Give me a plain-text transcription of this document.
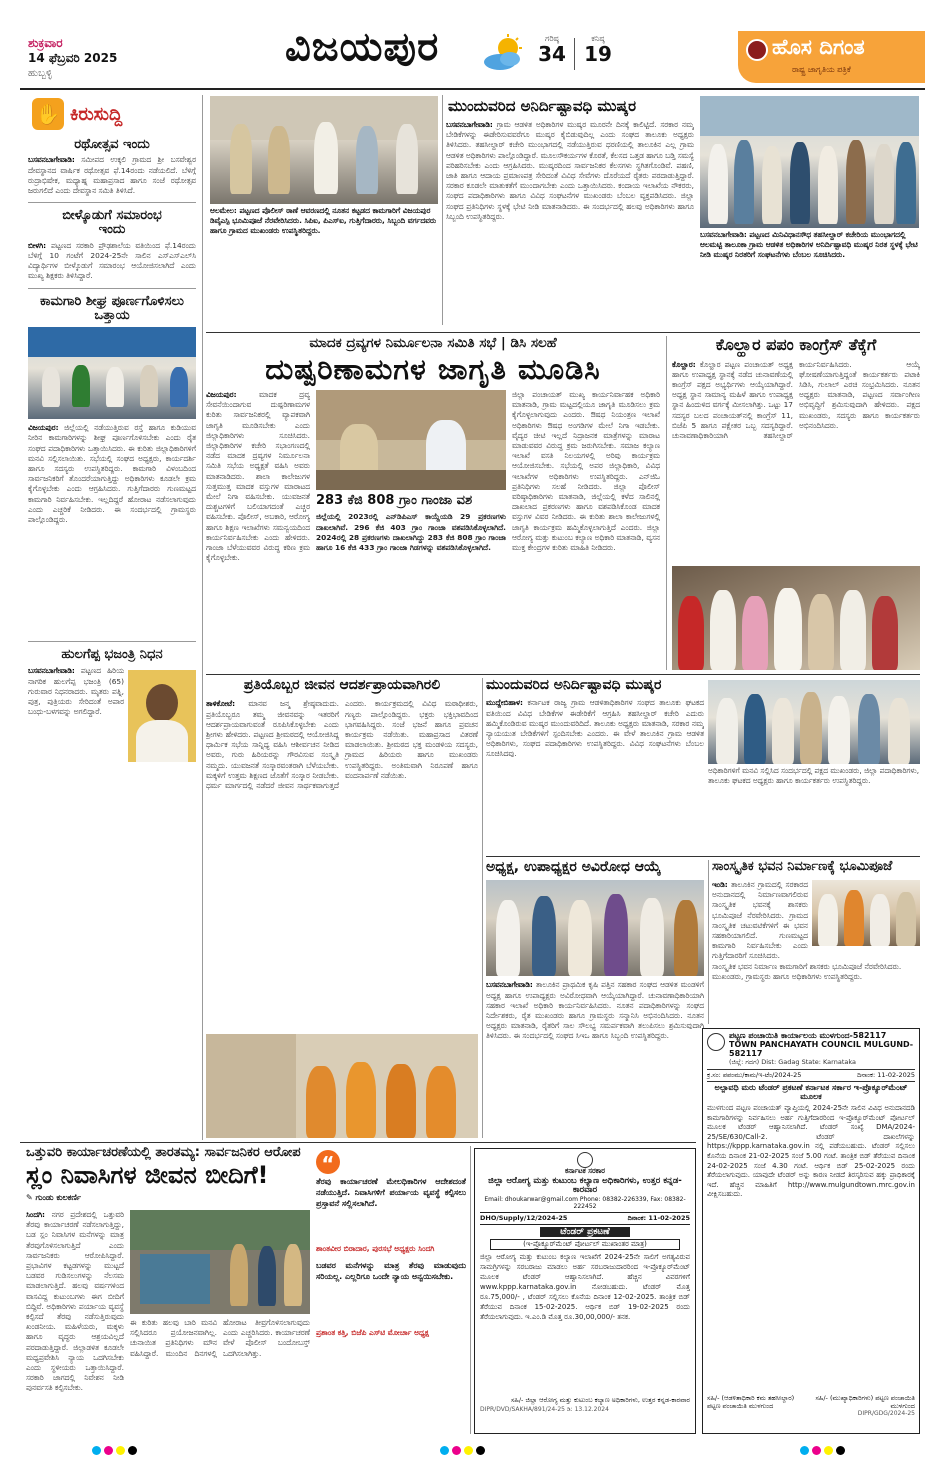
ಶುಕ್ರವಾರ
14 ಫೆಬ್ರವರಿ 2025
ಹುಬ್ಬಳ್ಳಿ
ವಿಜಯಪುರ	ಗರಿಷ್ಠ
34
ಕನಿಷ್ಠ
19	ಹೊಸ ದಿಗಂತ
ರಾಷ್ಟ್ರ ಜಾಗೃತಿಯ ಪತ್ರಿಕೆ
✋ ಕಿರುಸುದ್ದಿ
ರಥೋತ್ಸವ ಇಂದು
ಬಸವನಬಾಗೇವಾಡಿ: ಸಮೀಪದ ಉಕ್ಕಲಿ ಗ್ರಾಮದ ಶ್ರೀ ಬಸವೇಶ್ವರ ದೇವಸ್ಥಾನದ ವಾರ್ಷಿಕ ರಥೋತ್ಸವ ಫೆ.14ರಂದು ನಡೆಯಲಿದೆ. ಬೆಳಿಗ್ಗೆ ರುದ್ರಾಭಿಷೇಕ, ಮಧ್ಯಾಹ್ನ ಮಹಾಪ್ರಸಾದ ಹಾಗೂ ಸಂಜೆ ರಥೋತ್ಸವ ಜರುಗಲಿದೆ ಎಂದು ದೇವಸ್ಥಾನ ಸಮಿತಿ ತಿಳಿಸಿದೆ.
ಬೀಳ್ಕೊಡುಗೆ ಸಮಾರಂಭ ಇಂದು
ಬೀಳಗಿ: ಪಟ್ಟಣದ ಸರಕಾರಿ ಪ್ರೌಢಶಾಲೆಯ ವತಿಯಿಂದ ಫೆ.14ರಂದು ಬೆಳಿಗ್ಗೆ 10 ಗಂಟೆಗೆ 2024-25ನೇ ಸಾಲಿನ ಎಸ್‌ಎಸ್‌ಎಲ್‌ಸಿ ವಿದ್ಯಾರ್ಥಿಗಳ ಬೀಳ್ಕೊಡುಗೆ ಸಮಾರಂಭ ಆಯೋಜಿಸಲಾಗಿದೆ ಎಂದು ಮುಖ್ಯ ಶಿಕ್ಷಕರು ತಿಳಿಸಿದ್ದಾರೆ.
ಕಾಮಗಾರಿ ಶೀಘ್ರ ಪೂರ್ಣಗೊಳಿಸಲು ಒತ್ತಾಯ
ವಿಜಯಪುರ: ಜಿಲ್ಲೆಯಲ್ಲಿ ನಡೆಯುತ್ತಿರುವ ರಸ್ತೆ ಹಾಗೂ ಕುಡಿಯುವ ನೀರಿನ ಕಾಮಗಾರಿಗಳನ್ನು ಶೀಘ್ರ ಪೂರ್ಣಗೊಳಿಸಬೇಕು ಎಂದು ರೈತ ಸಂಘದ ಪದಾಧಿಕಾರಿಗಳು ಒತ್ತಾಯಿಸಿದರು. ಈ ಕುರಿತು ಜಿಲ್ಲಾಧಿಕಾರಿಗಳಿಗೆ ಮನವಿ ಸಲ್ಲಿಸಲಾಯಿತು. ಸಭೆಯಲ್ಲಿ ಸಂಘದ ಅಧ್ಯಕ್ಷರು, ಕಾರ್ಯದರ್ಶಿ ಹಾಗೂ ಸದಸ್ಯರು ಉಪಸ್ಥಿತರಿದ್ದರು. ಕಾಮಗಾರಿ ವಿಳಂಬದಿಂದ ಸಾರ್ವಜನಿಕರಿಗೆ ತೊಂದರೆಯಾಗುತ್ತಿದ್ದು ಅಧಿಕಾರಿಗಳು ಕೂಡಲೇ ಕ್ರಮ ಕೈಗೊಳ್ಳಬೇಕು ಎಂದು ಆಗ್ರಹಿಸಿದರು. ಗುತ್ತಿಗೆದಾರರು ಗುಣಮಟ್ಟದ ಕಾಮಗಾರಿ ನಿರ್ವಹಿಸಬೇಕು. ಇಲ್ಲದಿದ್ದರೆ ಹೋರಾಟ ನಡೆಸಲಾಗುವುದು ಎಂದು ಎಚ್ಚರಿಕೆ ನೀಡಿದರು. ಈ ಸಂದರ್ಭದಲ್ಲಿ ಗ್ರಾಮಸ್ಥರು ಪಾಲ್ಗೊಂಡಿದ್ದರು.
ಹುಲಗೆಪ್ಪ ಭಜಂತ್ರಿ ನಿಧನ
ಬಸವನಬಾಗೇವಾಡಿ: ಪಟ್ಟಣದ ಹಿರಿಯ ನಾಗರಿಕ ಹುಲಗೆಪ್ಪ ಭಜಂತ್ರಿ (65) ಗುರುವಾರ ನಿಧನರಾದರು. ಮೃತರು ಪತ್ನಿ, ಪುತ್ರ, ಪುತ್ರಿಯರು ಸೇರಿದಂತೆ ಅಪಾರ ಬಂಧು-ಬಳಗವನ್ನು ಅಗಲಿದ್ದಾರೆ.
ಆಲಮೇಲ: ಪಟ್ಟಣದ ಪೊಲೀಸ್ ಠಾಣೆ ಆವರಣದಲ್ಲಿ ನೂತನ ಕಟ್ಟಡದ ಕಾಮಗಾರಿಗೆ ವಿಜಯಪುರ ಡಿವೈಎಸ್ಪಿ ಭೂಮಿಪೂಜೆ ನೆರವೇರಿಸಿದರು. ಸಿಪಿಐ, ಪಿಎಸ್ಐ, ಗುತ್ತಿಗೆದಾರರು, ಸಿಬ್ಬಂದಿ ವರ್ಗದವರು ಹಾಗೂ ಗ್ರಾಮದ ಮುಖಂಡರು ಉಪಸ್ಥಿತರಿದ್ದರು.
ಮುಂದುವರಿದ ಅನಿರ್ದಿಷ್ಟಾವಧಿ ಮುಷ್ಕರ
ಬಸವನಬಾಗೇವಾಡಿ: ಗ್ರಾಮ ಆಡಳಿತ ಅಧಿಕಾರಿಗಳ ಮುಷ್ಕರ ಮೂರನೇ ದಿನಕ್ಕೆ ಕಾಲಿಟ್ಟಿದೆ. ಸರಕಾರ ನಮ್ಮ ಬೇಡಿಕೆಗಳನ್ನು ಈಡೇರಿಸುವವರೆಗೂ ಮುಷ್ಕರ ಕೈಬಿಡುವುದಿಲ್ಲ ಎಂದು ಸಂಘದ ತಾಲೂಕು ಅಧ್ಯಕ್ಷರು ತಿಳಿಸಿದರು. ತಹಸೀಲ್ದಾರ್ ಕಚೇರಿ ಮುಂಭಾಗದಲ್ಲಿ ನಡೆಯುತ್ತಿರುವ ಧರಣಿಯಲ್ಲಿ ತಾಲೂಕಿನ ಎಲ್ಲ ಗ್ರಾಮ ಆಡಳಿತ ಅಧಿಕಾರಿಗಳು ಪಾಲ್ಗೊಂಡಿದ್ದಾರೆ. ಮೂಲಸೌಕರ್ಯಗಳ ಕೊರತೆ, ಕೆಲಸದ ಒತ್ತಡ ಹಾಗೂ ಬಡ್ತಿ ಸಮಸ್ಯೆ ಪರಿಹರಿಸಬೇಕು ಎಂದು ಆಗ್ರಹಿಸಿದರು. ಮುಷ್ಕರದಿಂದ ಸಾರ್ವಜನಿಕರ ಕೆಲಸಗಳು ಸ್ಥಗಿತಗೊಂಡಿವೆ. ಪಹಣಿ, ಜಾತಿ ಹಾಗೂ ಆದಾಯ ಪ್ರಮಾಣಪತ್ರ ಸೇರಿದಂತೆ ವಿವಿಧ ಸೇವೆಗಳು ದೊರೆಯದೆ ರೈತರು ಪರದಾಡುತ್ತಿದ್ದಾರೆ. ಸರಕಾರ ಕೂಡಲೇ ಮಾತುಕತೆಗೆ ಮುಂದಾಗಬೇಕು ಎಂದು ಒತ್ತಾಯಿಸಿದರು. ಕಂದಾಯ ಇಲಾಖೆಯ ನೌಕರರು, ಸಂಘದ ಪದಾಧಿಕಾರಿಗಳು ಹಾಗೂ ವಿವಿಧ ಸಂಘಟನೆಗಳ ಮುಖಂಡರು ಬೆಂಬಲ ವ್ಯಕ್ತಪಡಿಸಿದರು. ಜಿಲ್ಲಾ ಸಂಘದ ಪ್ರತಿನಿಧಿಗಳು ಸ್ಥಳಕ್ಕೆ ಭೇಟಿ ನೀಡಿ ಮಾತನಾಡಿದರು. ಈ ಸಂದರ್ಭದಲ್ಲಿ ಹಲವು ಅಧಿಕಾರಿಗಳು ಹಾಗೂ ಸಿಬ್ಬಂದಿ ಉಪಸ್ಥಿತರಿದ್ದರು.
ಬಸವನಬಾಗೇವಾಡಿ: ಪಟ್ಟಣದ ಮಿನಿವಿಧಾನಸೌಧ ತಹಸೀಲ್ದಾರ್ ಕಚೇರಿಯ ಮುಂಭಾಗದಲ್ಲಿ ಆಲಮಟ್ಟಿ ತಾಲೂಕಾ ಗ್ರಾಮ ಆಡಳಿತ ಅಧಿಕಾರಿಗಳ ಅನಿರ್ದಿಷ್ಟಾವಧಿ ಮುಷ್ಕರ ನಿರತ ಸ್ಥಳಕ್ಕೆ ಭೇಟಿ ನೀಡಿ ಮುಷ್ಕರ ನಿರತರಿಗೆ ಸಂಘಟನೆಗಳು ಬೆಂಬಲ ಸೂಚಿಸಿದರು.
ಮಾದಕ ದ್ರವ್ಯಗಳ ನಿರ್ಮೂಲನಾ ಸಮಿತಿ ಸಭೆ | ಡಿಸಿ ಸಲಹೆ
ದುಷ್ಪರಿಣಾಮಗಳ ಜಾಗೃತಿ ಮೂಡಿಸಿ
ವಿಜಯಪುರ:	ಮಾದಕ ದ್ರವ್ಯ ಸೇವನೆಯಿಂದಾಗುವ ದುಷ್ಪರಿಣಾಮಗಳ ಕುರಿತು ಸಾರ್ವಜನಿಕರಲ್ಲಿ ವ್ಯಾಪಕವಾಗಿ ಜಾಗೃತಿ ಮೂಡಿಸಬೇಕು ಎಂದು ಜಿಲ್ಲಾಧಿಕಾರಿಗಳು ಸೂಚಿಸಿದರು. ಜಿಲ್ಲಾಧಿಕಾರಿಗಳ ಕಚೇರಿ ಸಭಾಂಗಣದಲ್ಲಿ ನಡೆದ ಮಾದಕ ದ್ರವ್ಯಗಳ ನಿರ್ಮೂಲನಾ ಸಮಿತಿ ಸಭೆಯ ಅಧ್ಯಕ್ಷತೆ ವಹಿಸಿ ಅವರು ಮಾತನಾಡಿದರು. ಶಾಲಾ ಕಾಲೇಜುಗಳ ಸುತ್ತಮುತ್ತ ಮಾದಕ ವಸ್ತುಗಳ ಮಾರಾಟದ ಮೇಲೆ ನಿಗಾ ವಹಿಸಬೇಕು. ಯುವಜನತೆ ದುಶ್ಚಟಗಳಿಗೆ ಬಲಿಯಾಗದಂತೆ ಎಚ್ಚರ ವಹಿಸಬೇಕು. ಪೊಲೀಸ್, ಅಬಕಾರಿ, ಆರೋಗ್ಯ ಹಾಗೂ ಶಿಕ್ಷಣ ಇಲಾಖೆಗಳು ಸಮನ್ವಯದಿಂದ ಕಾರ್ಯನಿರ್ವಹಿಸಬೇಕು ಎಂದು ಹೇಳಿದರು. ಗಾಂಜಾ ಬೆಳೆಯುವವರ ವಿರುದ್ಧ ಕಠಿಣ ಕ್ರಮ ಕೈಗೊಳ್ಳಬೇಕು.
283 ಕೆಜಿ 808 ಗ್ರಾಂ ಗಾಂಜಾ ವಶ
ಜಿಲ್ಲೆಯಲ್ಲಿ 2023ರಲ್ಲಿ ಎನ್‌ಡಿಪಿಎಸ್ ಕಾಯ್ದೆಯಡಿ 29 ಪ್ರಕರಣಗಳು ದಾಖಲಾಗಿವೆ. 296 ಕೆಜಿ 403 ಗ್ರಾಂ ಗಾಂಜಾ ವಶಪಡಿಸಿಕೊಳ್ಳಲಾಗಿದೆ. 2024ರಲ್ಲಿ 28 ಪ್ರಕರಣಗಳು ದಾಖಲಾಗಿದ್ದು 283 ಕೆಜಿ 808 ಗ್ರಾಂ ಗಾಂಜಾ ಹಾಗೂ 16 ಕೆಜಿ 433 ಗ್ರಾಂ ಗಾಂಜಾ ಗಿಡಗಳನ್ನು ವಶಪಡಿಸಿಕೊಳ್ಳಲಾಗಿದೆ.
ಜಿಲ್ಲಾ ಪಂಚಾಯತ್ ಮುಖ್ಯ ಕಾರ್ಯನಿರ್ವಾಹಕ ಅಧಿಕಾರಿ ಮಾತನಾಡಿ, ಗ್ರಾಮ ಮಟ್ಟದಲ್ಲಿಯೂ ಜಾಗೃತಿ ಮೂಡಿಸಲು ಕ್ರಮ ಕೈಗೊಳ್ಳಲಾಗುವುದು ಎಂದರು. ಔಷಧ ನಿಯಂತ್ರಣ ಇಲಾಖೆ ಅಧಿಕಾರಿಗಳು ಔಷಧ ಅಂಗಡಿಗಳ ಮೇಲೆ ನಿಗಾ ಇಡಬೇಕು. ವೈದ್ಯರ ಚೀಟಿ ಇಲ್ಲದೆ ನಿದ್ರಾಜನಕ ಮಾತ್ರೆಗಳನ್ನು ಮಾರಾಟ ಮಾಡುವವರ ವಿರುದ್ಧ ಕ್ರಮ ಜರುಗಿಸಬೇಕು. ಸಮಾಜ ಕಲ್ಯಾಣ ಇಲಾಖೆ ವಸತಿ ನಿಲಯಗಳಲ್ಲಿ ಅರಿವು ಕಾರ್ಯಕ್ರಮ ಆಯೋಜಿಸಬೇಕು. ಸಭೆಯಲ್ಲಿ ಅಪರ ಜಿಲ್ಲಾಧಿಕಾರಿ, ವಿವಿಧ ಇಲಾಖೆಗಳ ಅಧಿಕಾರಿಗಳು ಉಪಸ್ಥಿತರಿದ್ದರು. ಎನ್‌ಜಿಓ ಪ್ರತಿನಿಧಿಗಳು ಸಲಹೆ ನೀಡಿದರು. ಜಿಲ್ಲಾ ಪೊಲೀಸ್ ವರಿಷ್ಠಾಧಿಕಾರಿಗಳು ಮಾತನಾಡಿ, ಜಿಲ್ಲೆಯಲ್ಲಿ ಕಳೆದ ಸಾಲಿನಲ್ಲಿ ದಾಖಲಾದ ಪ್ರಕರಣಗಳು ಹಾಗೂ ವಶಪಡಿಸಿಕೊಂಡ ಮಾದಕ ವಸ್ತುಗಳ ವಿವರ ನೀಡಿದರು. ಈ ಕುರಿತು ಶಾಲಾ ಕಾಲೇಜುಗಳಲ್ಲಿ ಜಾಗೃತಿ ಕಾರ್ಯಕ್ರಮ ಹಮ್ಮಿಕೊಳ್ಳಲಾಗುತ್ತಿದೆ ಎಂದರು. ಜಿಲ್ಲಾ ಆರೋಗ್ಯ ಮತ್ತು ಕುಟುಂಬ ಕಲ್ಯಾಣ ಅಧಿಕಾರಿ ಮಾತನಾಡಿ, ವ್ಯಸನ ಮುಕ್ತ ಕೇಂದ್ರಗಳ ಕುರಿತು ಮಾಹಿತಿ ನೀಡಿದರು.
ಕೊಲ್ಹಾರ ಪಪಂ ಕಾಂಗ್ರೆಸ್ ತೆಕ್ಕೆಗೆ
ಕೊಲ್ಹಾರ: ಕೊಲ್ಹಾರ ಪಟ್ಟಣ ಪಂಚಾಯತ್ ಅಧ್ಯಕ್ಷ ಹಾಗೂ ಉಪಾಧ್ಯಕ್ಷ ಸ್ಥಾನಕ್ಕೆ ನಡೆದ ಚುನಾವಣೆಯಲ್ಲಿ ಕಾಂಗ್ರೆಸ್ ಪಕ್ಷದ ಅಭ್ಯರ್ಥಿಗಳು ಆಯ್ಕೆಯಾಗಿದ್ದಾರೆ. ಅಧ್ಯಕ್ಷ ಸ್ಥಾನ ಸಾಮಾನ್ಯ ಮಹಿಳೆ ಹಾಗೂ ಉಪಾಧ್ಯಕ್ಷ ಸ್ಥಾನ ಹಿಂದುಳಿದ ವರ್ಗಕ್ಕೆ ಮೀಸಲಾಗಿತ್ತು. ಒಟ್ಟು 17 ಸದಸ್ಯರ ಬಲದ ಪಂಚಾಯತ್‌ನಲ್ಲಿ ಕಾಂಗ್ರೆಸ್ 11, ಬಿಜೆಪಿ 5 ಹಾಗೂ ಪಕ್ಷೇತರ ಒಬ್ಬ ಸದಸ್ಯರಿದ್ದಾರೆ. ಚುನಾವಣಾಧಿಕಾರಿಯಾಗಿ ತಹಸೀಲ್ದಾರ್ ಕಾರ್ಯನಿರ್ವಹಿಸಿದರು. ಆಯ್ಕೆ ಘೋಷಣೆಯಾಗುತ್ತಿದ್ದಂತೆ ಕಾರ್ಯಕರ್ತರು ಪಟಾಕಿ ಸಿಡಿಸಿ, ಗುಲಾಲ್ ಎರಚಿ ಸಂಭ್ರಮಿಸಿದರು. ನೂತನ ಅಧ್ಯಕ್ಷರು ಮಾತನಾಡಿ, ಪಟ್ಟಣದ ಸರ್ವಾಂಗೀಣ ಅಭಿವೃದ್ಧಿಗೆ ಶ್ರಮಿಸುವುದಾಗಿ ಹೇಳಿದರು. ಪಕ್ಷದ ಮುಖಂಡರು, ಸದಸ್ಯರು ಹಾಗೂ ಕಾರ್ಯಕರ್ತರು ಅಭಿನಂದಿಸಿದರು.
ಪ್ರತಿಯೊಬ್ಬರ ಜೀವನ ಆದರ್ಶಪ್ರಾಯವಾಗಿರಲಿ
ತಾಳಿಕೋಟೆ: ಮಾನವ ಜನ್ಮ ಶ್ರೇಷ್ಠವಾದುದು. ಪ್ರತಿಯೊಬ್ಬರೂ ತಮ್ಮ ಜೀವನವನ್ನು ಇತರರಿಗೆ ಆದರ್ಶಪ್ರಾಯವಾಗುವಂತೆ ರೂಪಿಸಿಕೊಳ್ಳಬೇಕು ಎಂದು ಶ್ರೀಗಳು ಹೇಳಿದರು. ಪಟ್ಟಣದ ಶ್ರೀಮಠದಲ್ಲಿ ಆಯೋಜಿಸಿದ್ದ ಧಾರ್ಮಿಕ ಸಭೆಯ ಸಾನ್ನಿಧ್ಯ ವಹಿಸಿ ಆಶೀರ್ವಚನ ನೀಡಿದ ಅವರು, ಗುರು ಹಿರಿಯರನ್ನು ಗೌರವಿಸುವ ಸಂಸ್ಕೃತಿ ನಮ್ಮದು. ಯುವಜನತೆ ಸಂಸ್ಕಾರವಂತರಾಗಿ ಬೆಳೆಯಬೇಕು. ಮಕ್ಕಳಿಗೆ ಉತ್ತಮ ಶಿಕ್ಷಣದ ಜೊತೆಗೆ ಸಂಸ್ಕಾರ ನೀಡಬೇಕು. ಧರ್ಮ ಮಾರ್ಗದಲ್ಲಿ ನಡೆದರೆ ಜೀವನ ಸಾರ್ಥಕವಾಗುತ್ತದೆ ಎಂದರು. ಕಾರ್ಯಕ್ರಮದಲ್ಲಿ ವಿವಿಧ ಮಠಾಧೀಶರು, ಗಣ್ಯರು ಪಾಲ್ಗೊಂಡಿದ್ದರು. ಭಕ್ತರು ಭಕ್ತಿಭಾವದಿಂದ ಭಾಗವಹಿಸಿದ್ದರು. ಸಂಜೆ ಭಜನೆ ಹಾಗೂ ಪ್ರವಚನ ಕಾರ್ಯಕ್ರಮ ನಡೆಯಿತು. ಮಹಾಪ್ರಸಾದ ವಿತರಣೆ ಮಾಡಲಾಯಿತು. ಶ್ರೀಮಠದ ಭಕ್ತ ಮಂಡಳಿಯ ಸದಸ್ಯರು, ಗ್ರಾಮದ ಹಿರಿಯರು ಹಾಗೂ ಮುಖಂಡರು ಉಪಸ್ಥಿತರಿದ್ದರು. ಅಂತಿಮವಾಗಿ ನಿರೂಪಣೆ ಹಾಗೂ ವಂದನಾರ್ಪಣೆ ನಡೆಯಿತು.
ಮುಂದುವರಿದ ಅನಿರ್ದಿಷ್ಟಾವಧಿ ಮುಷ್ಕರ
ಮುದ್ದೇಬಿಹಾಳ: ಕರ್ನಾಟಕ ರಾಜ್ಯ ಗ್ರಾಮ ಆಡಳಿತಾಧಿಕಾರಿಗಳ ಸಂಘದ ತಾಲೂಕು ಘಟಕದ ವತಿಯಿಂದ ವಿವಿಧ ಬೇಡಿಕೆಗಳ ಈಡೇರಿಕೆಗೆ ಆಗ್ರಹಿಸಿ ತಹಸೀಲ್ದಾರ್ ಕಚೇರಿ ಎದುರು ಹಮ್ಮಿಕೊಂಡಿರುವ ಮುಷ್ಕರ ಮುಂದುವರಿದಿದೆ. ತಾಲೂಕು ಅಧ್ಯಕ್ಷರು ಮಾತನಾಡಿ, ಸರಕಾರ ನಮ್ಮ ನ್ಯಾಯಯುತ ಬೇಡಿಕೆಗಳಿಗೆ ಸ್ಪಂದಿಸಬೇಕು ಎಂದರು. ಈ ವೇಳೆ ತಾಲೂಕಿನ ಗ್ರಾಮ ಆಡಳಿತ ಅಧಿಕಾರಿಗಳು, ಸಂಘದ ಪದಾಧಿಕಾರಿಗಳು ಉಪಸ್ಥಿತರಿದ್ದರು. ವಿವಿಧ ಸಂಘಟನೆಗಳು ಬೆಂಬಲ ಸೂಚಿಸಿದವು.
ಅಧಿಕಾರಿಗಳಿಗೆ ಮನವಿ ಸಲ್ಲಿಸಿದ ಸಂದರ್ಭದಲ್ಲಿ ಪಕ್ಷದ ಮುಖಂಡರು, ಜಿಲ್ಲಾ ಪದಾಧಿಕಾರಿಗಳು, ತಾಲೂಕು ಘಟಕದ ಅಧ್ಯಕ್ಷರು ಹಾಗೂ ಕಾರ್ಯಕರ್ತರು ಉಪಸ್ಥಿತರಿದ್ದರು.
ಅಧ್ಯಕ್ಷ, ಉಪಾಧ್ಯಕ್ಷರ ಅವಿರೋಧ ಆಯ್ಕೆ
ಬಸವನಬಾಗೇವಾಡಿ: ತಾಲೂಕಿನ ಪ್ರಾಥಮಿಕ ಕೃಷಿ ಪತ್ತಿನ ಸಹಕಾರ ಸಂಘದ ಆಡಳಿತ ಮಂಡಳಿಗೆ ಅಧ್ಯಕ್ಷ ಹಾಗೂ ಉಪಾಧ್ಯಕ್ಷರು ಅವಿರೋಧವಾಗಿ ಆಯ್ಕೆಯಾಗಿದ್ದಾರೆ. ಚುನಾವಣಾಧಿಕಾರಿಯಾಗಿ ಸಹಕಾರ ಇಲಾಖೆ ಅಧಿಕಾರಿ ಕಾರ್ಯನಿರ್ವಹಿಸಿದರು. ನೂತನ ಪದಾಧಿಕಾರಿಗಳನ್ನು ಸಂಘದ ನಿರ್ದೇಶಕರು, ರೈತ ಮುಖಂಡರು ಹಾಗೂ ಗ್ರಾಮಸ್ಥರು ಸನ್ಮಾನಿಸಿ ಅಭಿನಂದಿಸಿದರು. ನೂತನ ಅಧ್ಯಕ್ಷರು ಮಾತನಾಡಿ, ರೈತರಿಗೆ ಸಾಲ ಸೌಲಭ್ಯ ಸಮರ್ಪಕವಾಗಿ ತಲುಪಿಸಲು ಶ್ರಮಿಸುವುದಾಗಿ ತಿಳಿಸಿದರು. ಈ ಸಂದರ್ಭದಲ್ಲಿ ಸಂಘದ ಸಿಇಒ ಹಾಗೂ ಸಿಬ್ಬಂದಿ ಉಪಸ್ಥಿತರಿದ್ದರು.
ಸಾಂಸ್ಕೃತಿಕ ಭವನ ನಿರ್ಮಾಣಕ್ಕೆ ಭೂಮಿಪೂಜೆ
ಇಂಡಿ: ತಾಲೂಕಿನ ಗ್ರಾಮದಲ್ಲಿ ಸರಕಾರದ ಅನುದಾನದಲ್ಲಿ ನಿರ್ಮಾಣವಾಗಲಿರುವ ಸಾಂಸ್ಕೃತಿಕ ಭವನಕ್ಕೆ ಶಾಸಕರು ಭೂಮಿಪೂಜೆ ನೆರವೇರಿಸಿದರು. ಗ್ರಾಮದ ಸಾಂಸ್ಕೃತಿಕ ಚಟುವಟಿಕೆಗಳಿಗೆ ಈ ಭವನ ಸಹಕಾರಿಯಾಗಲಿದೆ. ಗುಣಮಟ್ಟದ ಕಾಮಗಾರಿ ನಿರ್ವಹಿಸಬೇಕು ಎಂದು ಗುತ್ತಿಗೆದಾರರಿಗೆ ಸೂಚಿಸಿದರು.
ಸಾಂಸ್ಕೃತಿಕ ಭವನ ನಿರ್ಮಾಣ ಕಾಮಗಾರಿಗೆ ಶಾಸಕರು ಭೂಮಿಪೂಜೆ ನೆರವೇರಿಸಿದರು. ಮುಖಂಡರು, ಗ್ರಾಮಸ್ಥರು ಹಾಗೂ ಅಧಿಕಾರಿಗಳು ಉಪಸ್ಥಿತರಿದ್ದರು.
ಪಟ್ಟಣ ಪಂಚಾಯಿತಿ ಕಾರ್ಯಾಲಯ ಮುಳಗುಂದ-582117
TOWN PANCHAYATH COUNCIL MULGUND-582117
(ಜಿಲ್ಲೆ: ಗದಗ) Dist: Gadag State: Karnataka
ಕ್ರ.ಸಂ: ಪಪಂಮು/ಕಾಮ/ಇ-ಟೆಂ/2024-25	ದಿನಾಂಕ: 11-02-2025
ಅಲ್ಪಾವಧಿ ಮರು ಟೆಂಡರ್ ಪ್ರಕಟಣೆ ಕರ್ನಾಟಕ ಸರ್ಕಾರ ಇ-ಪ್ರೊಕ್ಯೂರ್‌ಮೆಂಟ್ ಮೂಲಕ
ಮುಳಗುಂದ ಪಟ್ಟಣ ಪಂಚಾಯತ್ ವ್ಯಾಪ್ತಿಯಲ್ಲಿ 2024-25ನೇ ಸಾಲಿನ ವಿವಿಧ ಅನುದಾನದಡಿ ಕಾಮಗಾರಿಗಳನ್ನು ನಿರ್ವಹಿಸಲು ಅರ್ಹ ಗುತ್ತಿಗೆದಾರರಿಂದ ಇ-ಪ್ರೊಕ್ಯೂರ್‌ಮೆಂಟ್ ಪೋರ್ಟಲ್ ಮೂಲಕ ಟೆಂಡರ್ ಆಹ್ವಾನಿಸಲಾಗಿದೆ. ಟೆಂಡರ್ ಸಂಖ್ಯೆ DMA/2024-25/SE/630/Call-2. ಟೆಂಡರ್ ದಾಖಲೆಗಳನ್ನು https://kppp.karnataka.gov.in ನಲ್ಲಿ ಪಡೆಯಬಹುದು. ಟೆಂಡರ್ ಸಲ್ಲಿಸಲು ಕೊನೆಯ ದಿನಾಂಕ 21-02-2025 ಸಂಜೆ 5.00 ಗಂಟೆ. ತಾಂತ್ರಿಕ ಬಿಡ್ ತೆರೆಯುವ ದಿನಾಂಕ 24-02-2025 ಸಂಜೆ 4.30 ಗಂಟೆ. ಆರ್ಥಿಕ ಬಿಡ್ 25-02-2025 ರಂದು ತೆರೆಯಲಾಗುವುದು. ಯಾವುದೇ ಟೆಂಡರ್ ಅನ್ನು ಕಾರಣ ನೀಡದೆ ತಿರಸ್ಕರಿಸುವ ಹಕ್ಕು ಪ್ರಾಧಿಕಾರಕ್ಕೆ ಇದೆ. ಹೆಚ್ಚಿನ ಮಾಹಿತಿಗೆ http://www.mulgundtown.mrc.gov.in ವೀಕ್ಷಿಸಬಹುದು.
ಸಹಿ/- (ಆಡಳಿತಾಧಿಕಾರಿ ಕಮ ತಹಸೀಲ್ದಾರ) ಪಟ್ಟಣ ಪಂಚಾಯಿತಿ ಮುಳಗುಂದ
ಸಹಿ/- (ಮುಖ್ಯಾಧಿಕಾರಿಗಳು) ಪಟ್ಟಣ ಪಂಚಾಯಿತಿ ಮುಳಗುಂದ
DIPR/GDG/2024-25
ಒತ್ತುವರಿ ಕಾರ್ಯಾಚರಣೆಯಲ್ಲಿ ತಾರತಮ್ಯ: ಸಾರ್ವಜನಿಕರ ಆರೋಪ
ಸ್ಲಂ ನಿವಾಸಿಗಳ ಜೀವನ ಬೀದಿಗೆ!
✎ ಗುಂಡು ಕುಲಕರ್ಣಿ
ಸಿಂದಗಿ: ನಗರ ಪ್ರದೇಶದಲ್ಲಿ ಒತ್ತುವರಿ ತೆರವು ಕಾರ್ಯಾಚರಣೆ ನಡೆಸಲಾಗುತ್ತಿದ್ದು, ಬಡ ಸ್ಲಂ ನಿವಾಸಿಗಳ ಮನೆಗಳನ್ನು ಮಾತ್ರ ತೆರವುಗೊಳಿಸಲಾಗುತ್ತಿದೆ ಎಂದು ಸಾರ್ವಜನಿಕರು ಆರೋಪಿಸಿದ್ದಾರೆ. ಪ್ರಭಾವಿಗಳ ಕಟ್ಟಡಗಳನ್ನು ಮುಟ್ಟದೆ ಬಡವರ ಗುಡಿಸಲುಗಳನ್ನು ನೆಲಸಮ ಮಾಡಲಾಗುತ್ತಿದೆ. ಹಲವು ವರ್ಷಗಳಿಂದ ವಾಸವಿದ್ದ ಕುಟುಂಬಗಳು ಈಗ ಬೀದಿಗೆ ಬಿದ್ದಿವೆ. ಅಧಿಕಾರಿಗಳು ಪರ್ಯಾಯ ವ್ಯವಸ್ಥೆ ಕಲ್ಪಿಸದೆ ತೆರವು ನಡೆಸುತ್ತಿರುವುದು ಖಂಡನೀಯ. ಮಹಿಳೆಯರು, ಮಕ್ಕಳು ಹಾಗೂ ವೃದ್ಧರು ಆಶ್ರಯವಿಲ್ಲದೆ ಪರದಾಡುತ್ತಿದ್ದಾರೆ. ಜಿಲ್ಲಾಡಳಿತ ಕೂಡಲೇ ಮಧ್ಯಪ್ರವೇಶಿಸಿ ನ್ಯಾಯ ಒದಗಿಸಬೇಕು ಎಂದು ಸ್ಥಳೀಯರು ಒತ್ತಾಯಿಸಿದ್ದಾರೆ. ಸರಕಾರಿ ಜಾಗದಲ್ಲಿ ನಿವೇಶನ ನೀಡಿ ಪುನರ್ವಸತಿ ಕಲ್ಪಿಸಬೇಕು.
ಈ ಕುರಿತು ಹಲವು ಬಾರಿ ಮನವಿ ಸಲ್ಲಿಸಿದರೂ ಪ್ರಯೋಜನವಾಗಿಲ್ಲ. ಚುನಾಯಿತ ಪ್ರತಿನಿಧಿಗಳು ಮೌನ ವಹಿಸಿದ್ದಾರೆ. ಮುಂದಿನ ದಿನಗಳಲ್ಲಿ ಹೋರಾಟ ತೀವ್ರಗೊಳಿಸಲಾಗುವುದು ಎಂದು ಎಚ್ಚರಿಸಿದರು. ಕಾರ್ಯಾಚರಣೆ ವೇಳೆ ಪೊಲೀಸ್ ಬಂದೋಬಸ್ತ್ ಒದಗಿಸಲಾಗಿತ್ತು.
“
ತೆರವು ಕಾರ್ಯಾಚರಣೆ ಮೇಲಧಿಕಾರಿಗಳ ಆದೇಶದಂತೆ ನಡೆಯುತ್ತಿದೆ. ನಿವಾಸಿಗಳಿಗೆ ಪರ್ಯಾಯ ವ್ಯವಸ್ಥೆ ಕಲ್ಪಿಸಲು ಪ್ರಸ್ತಾವನೆ ಸಲ್ಲಿಸಲಾಗಿದೆ.
ಶಾಂತವೀರ ಬಿರಾದಾರ, ಪುರಸಭೆ ಅಧ್ಯಕ್ಷರು ಸಿಂದಗಿ
ಬಡವರ ಮನೆಗಳನ್ನು ಮಾತ್ರ ತೆರವು ಮಾಡುವುದು ಸರಿಯಲ್ಲ. ಎಲ್ಲರಿಗೂ ಒಂದೇ ನ್ಯಾಯ ಅನ್ವಯಿಸಬೇಕು.
ಪ್ರಶಾಂತ ಕತ್ತಿ, ಬಿಜೆಪಿ ಎಸ್‌ಟಿ ಮೋರ್ಚಾ ಅಧ್ಯಕ್ಷ
ಕರ್ನಾಟಕ ಸರಕಾರ
ಜಿಲ್ಲಾ ಆರೋಗ್ಯ ಮತ್ತು ಕುಟುಂಬ ಕಲ್ಯಾಣ ಅಧಿಕಾರಿಗಳು, ಉತ್ತರ ಕನ್ನಡ-ಕಾರವಾರ
Email: dhoukarwar@gmail.com Phone: 08382-226339, Fax: 08382-222452
DHO/Supply/12/2024-25	ದಿನಾಂಕ: 11-02-2025
ಟೆಂಡರ್ ಪ್ರಕಟಣೆ
(ಇ-ಪ್ರೊಕ್ಯೂರ್‌ಮೆಂಟ್ ಪೋರ್ಟಲ್ ಮುಖಾಂತರ ಮಾತ್ರ)
ಜಿಲ್ಲಾ ಆರೋಗ್ಯ ಮತ್ತು ಕುಟುಂಬ ಕಲ್ಯಾಣ ಇಲಾಖೆಗೆ 2024-25ನೇ ಸಾಲಿಗೆ ಅಗತ್ಯವಿರುವ ಸಾಮಗ್ರಿಗಳನ್ನು ಸರಬರಾಜು ಮಾಡಲು ಅರ್ಹ ಸರಬರಾಜುದಾರರಿಂದ ಇ-ಪ್ರೊಕ್ಯೂರ್‌ಮೆಂಟ್ ಮೂಲಕ ಟೆಂಡರ್ ಆಹ್ವಾನಿಸಲಾಗಿದೆ. ಹೆಚ್ಚಿನ ವಿವರಗಳಿಗೆ www.kppp.karnataka.gov.in ನೋಡಬಹುದು. ಟೆಂಡರ್ ಮೊತ್ತ ರೂ.75,000/- , ಟೆಂಡರ್ ಸಲ್ಲಿಸಲು ಕೊನೆಯ ದಿನಾಂಕ 12-02-2025. ತಾಂತ್ರಿಕ ಬಿಡ್ ತೆರೆಯುವ ದಿನಾಂಕ 15-02-2025. ಆರ್ಥಿಕ ಬಿಡ್ 19-02-2025 ರಂದು ತೆರೆಯಲಾಗುವುದು. ಇ.ಎಂ.ಡಿ ಮೊತ್ತ ರೂ.30,00,000/- ತನಕ.
ಸಹಿ/- ಜಿಲ್ಲಾ ಆರೋಗ್ಯ ಮತ್ತು ಕುಟುಂಬ ಕಲ್ಯಾಣ ಅಧಿಕಾರಿಗಳು, ಉತ್ತರ ಕನ್ನಡ-ಕಾರವಾರ
DIPR/DVD/SAKHA/891/24-25 ಡಿ: 13.12.2024
